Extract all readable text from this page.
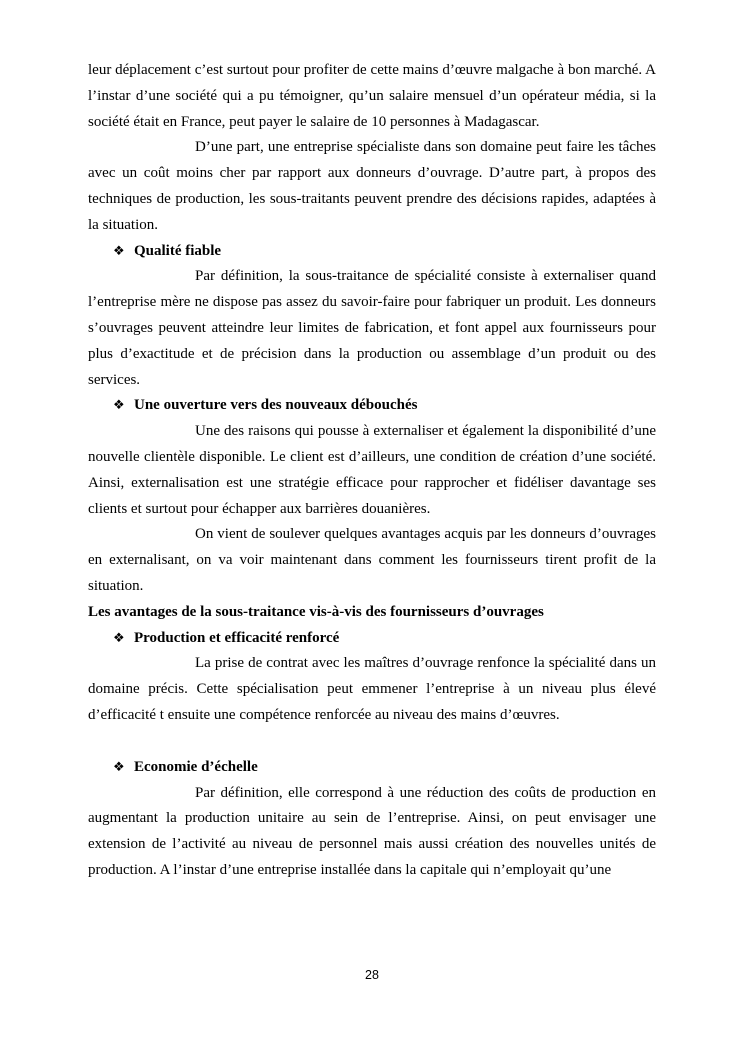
leur déplacement c’est surtout pour profiter de cette mains d’œuvre malgache à bon marché. A l’instar d’une société qui a pu témoigner, qu’un salaire mensuel d’un opérateur média, si la société était en France, peut payer le salaire de 10 personnes à Madagascar.

D’une part, une entreprise spécialiste dans son domaine peut faire les tâches avec un coût moins cher par rapport aux donneurs d’ouvrage. D’autre part, à propos des techniques de production, les sous-traitants peuvent prendre des décisions rapides, adaptées à la situation.

❖ Qualité fiable

Par définition, la sous-traitance de spécialité consiste à externaliser quand l’entreprise mère ne dispose pas assez du savoir-faire pour fabriquer un produit. Les donneurs s’ouvrages peuvent atteindre leur limites de fabrication, et font appel aux fournisseurs pour plus d’exactitude et de précision dans la production ou assemblage d’un produit ou des services.

❖ Une ouverture vers des nouveaux débouchés

Une des raisons qui pousse à externaliser et également la disponibilité d’une nouvelle clientèle disponible. Le client est d’ailleurs, une condition de création d’une société. Ainsi, externalisation est une stratégie efficace pour rapprocher et fidéliser davantage ses clients et surtout pour échapper aux barrières douanières.

On vient de soulever quelques avantages acquis par les donneurs d’ouvrages en externalisant, on va voir maintenant dans comment les fournisseurs tirent profit de la situation.

Les avantages de la sous-traitance vis-à-vis des fournisseurs d’ouvrages

❖ Production et efficacité renforcé

La prise de contrat avec les maîtres d’ouvrage renfonce la spécialité dans un domaine précis. Cette spécialisation peut emmener l’entreprise à un niveau plus élevé d’efficacité t ensuite une compétence renforcée au niveau des mains d’œuvres.

❖ Economie d’échelle

Par définition, elle correspond à une réduction des coûts de production en augmentant la production unitaire au sein de l’entreprise. Ainsi, on peut envisager une extension de l’activité au niveau de personnel mais aussi création des nouvelles unités de production. A l’instar d’une entreprise installée dans la capitale qui n’employait qu’une

28
